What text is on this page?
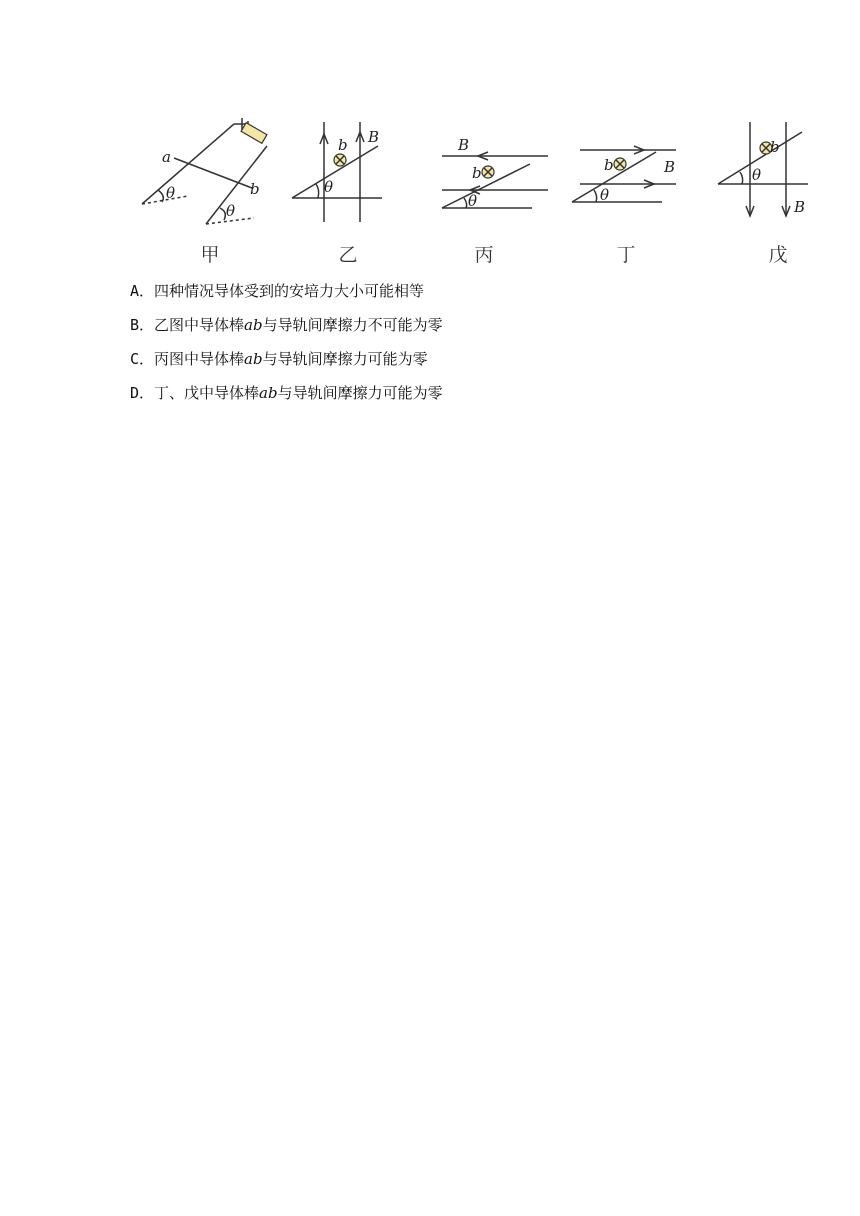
a
b
θ
θ
甲
b B
θ
乙
B
b
θ
丙
b	B
θ
丁
b
B
θ
戊
A．四种情况导体受到的安培力大小可能相等
B．乙图中导体棒ab与导轨间摩擦力不可能为零
C．丙图中导体棒ab与导轨间摩擦力可能为零
D．丁、戊中导体棒ab与导轨间摩擦力可能为零
